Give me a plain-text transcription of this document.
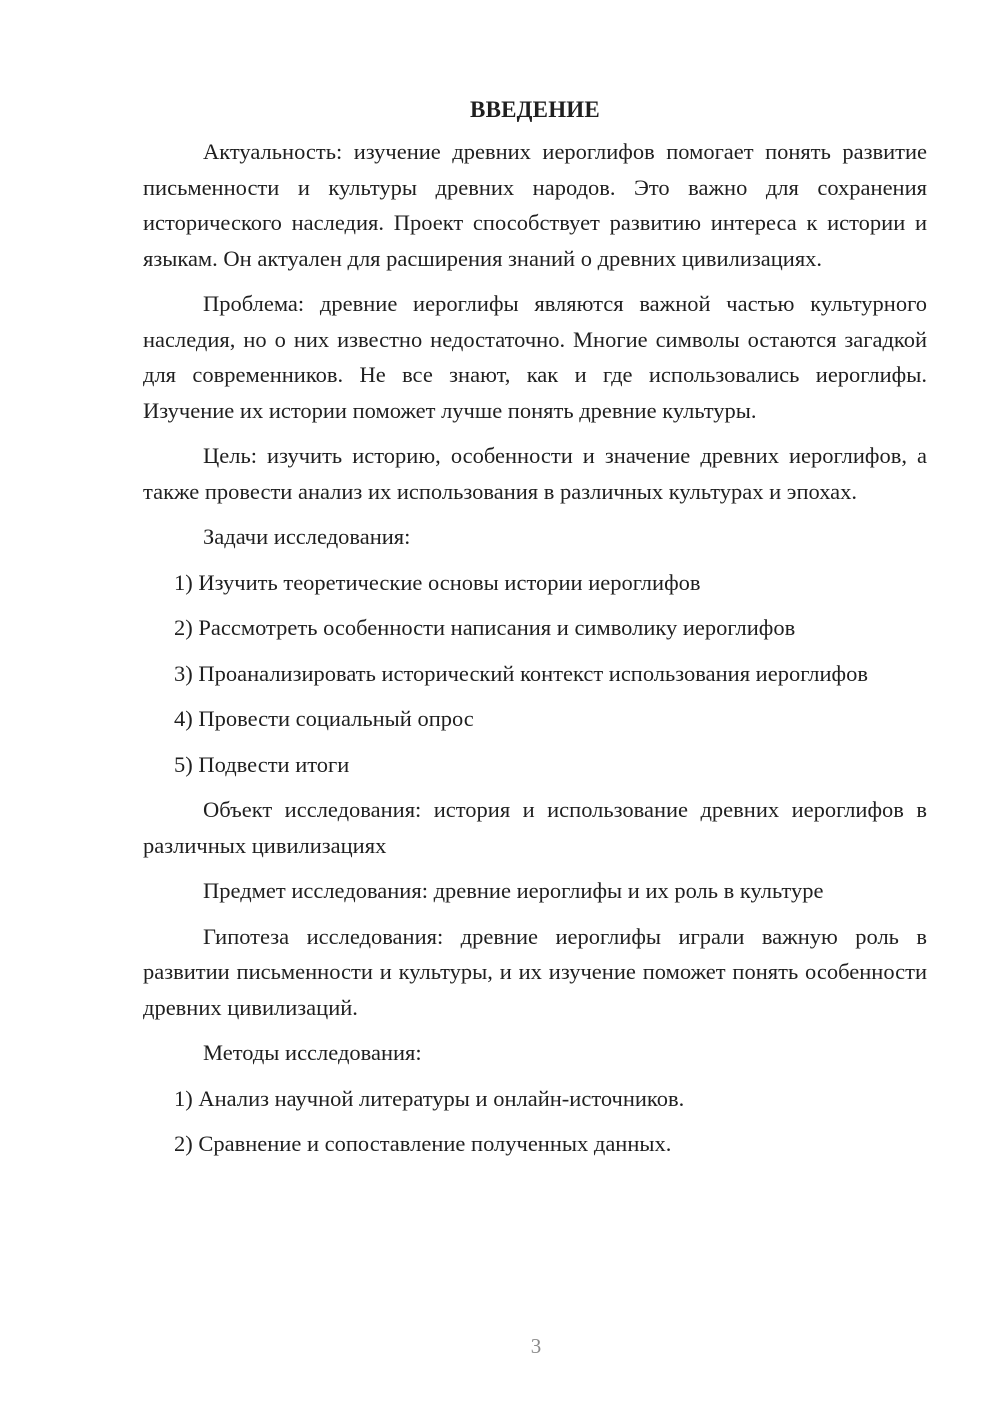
ВВЕДЕНИЕ

Актуальность: изучение древних иероглифов помогает понять развитие письменности и культуры древних народов. Это важно для сохранения исторического наследия. Проект способствует развитию интереса к истории и языкам. Он актуален для расширения знаний о древних цивилизациях.

Проблема: древние иероглифы являются важной частью культурного наследия, но о них известно недостаточно. Многие символы остаются загадкой для современников. Не все знают, как и где использовались иероглифы. Изучение их истории поможет лучше понять древние культуры.

Цель: изучить историю, особенности и значение древних иероглифов, а также провести анализ их использования в различных культурах и эпохах.

Задачи исследования:

1) Изучить теоретические основы истории иероглифов

2) Рассмотреть особенности написания и символику иероглифов

3) Проанализировать исторический контекст использования иероглифов

4) Провести социальный опрос

5) Подвести итоги

Объект исследования: история и использование древних иероглифов в различных цивилизациях

Предмет исследования: древние иероглифы и их роль в культуре

Гипотеза исследования: древние иероглифы играли важную роль в развитии письменности и культуры, и их изучение поможет понять особенности древних цивилизаций.

Методы исследования:

1) Анализ научной литературы и онлайн-источников.

2) Сравнение и сопоставление полученных данных.

3
